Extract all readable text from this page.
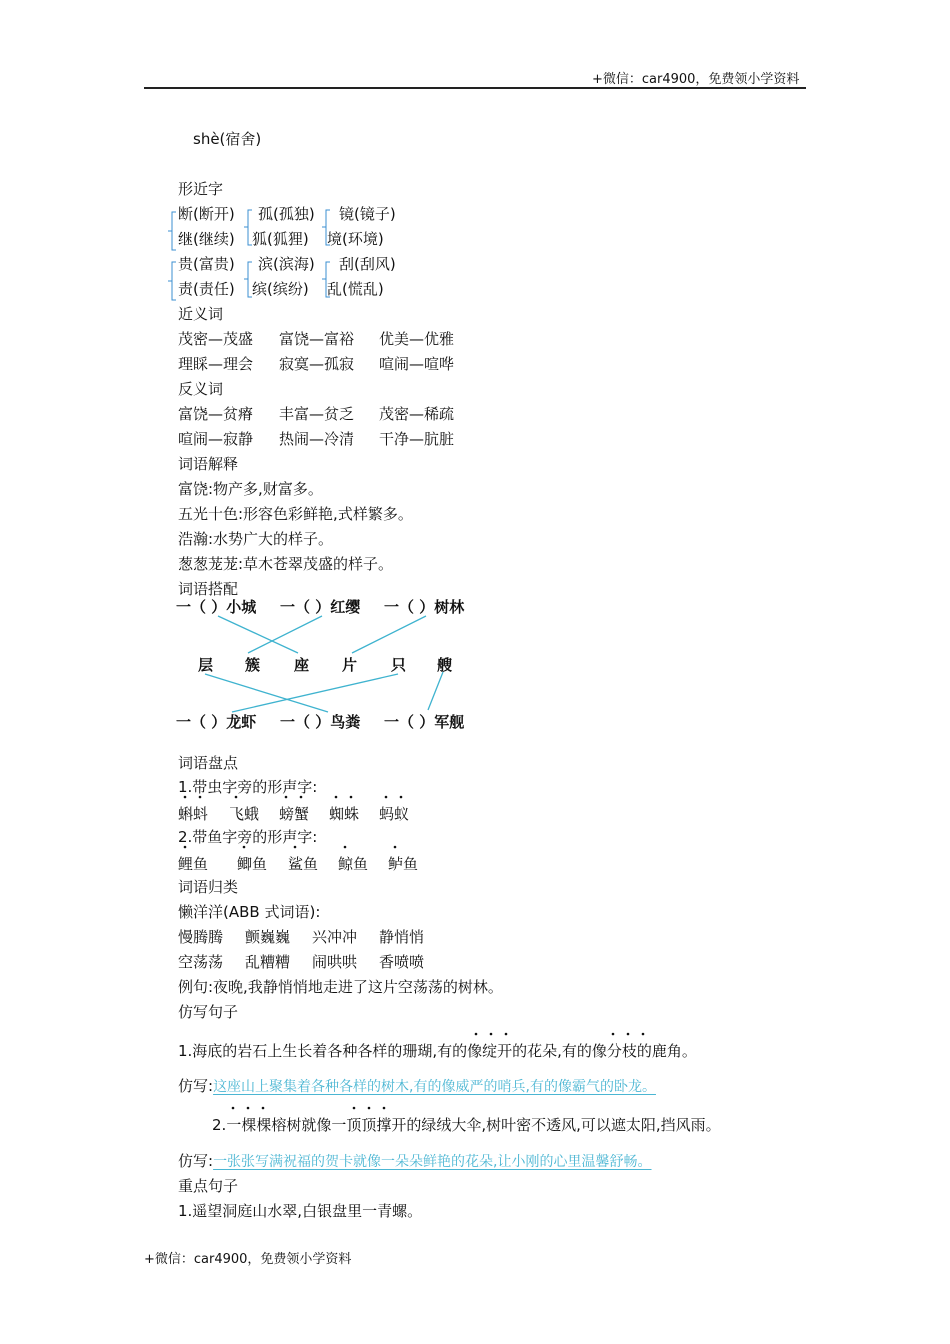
+微信：car4900，免费领小学资料
shè(宿舍)
形近字
断(断开) 孤(孤独) 镜(镜子)
继(继续) 狐(狐狸) 境(环境)
贵(富贵) 滨(滨海) 刮(刮风)
责(责任) 缤(缤纷) 乱(慌乱)
近义词
茂密—茂盛 富饶—富裕 优美—优雅
理睬—理会 寂寞—孤寂 喧闹—喧哗
反义词
富饶—贫瘠 丰富—贫乏 茂密—稀疏
喧闹—寂静 热闹—冷清 干净—肮脏
词语解释
富饶:物产多,财富多。
五光十色:形容色彩鲜艳,式样繁多。
浩瀚:水势广大的样子。
葱葱茏茏:草木苍翠茂盛的样子。
词语搭配
一（ ）小城 一（ ）红缨 一（ ）树林
层 簇 座 片 只 艘
一（ ）龙虾 一（ ）鸟粪 一（ ）军舰
词语盘点
1.带虫字旁的形声字:
蝌蚪 飞蛾 螃蟹 蜘蛛 蚂蚁
2.带鱼字旁的形声字:
鲤鱼 鲫鱼 鲨鱼 鲸鱼 鲈鱼
词语归类
懒洋洋(ABB 式词语):
慢腾腾 颤巍巍 兴冲冲 静悄悄
空荡荡 乱糟糟 闹哄哄 香喷喷
例句:夜晚,我静悄悄地走进了这片空荡荡的树林。
仿写句子
1.海底的岩石上生长着各种各样的珊瑚,有的像绽开的花朵,有的像分枝的鹿角。
仿写:这座山上聚集着各种各样的树木,有的像威严的哨兵,有的像霸气的卧龙。
2.一棵棵榕树就像一顶顶撑开的绿绒大伞,树叶密不透风,可以遮太阳,挡风雨。
仿写:一张张写满祝福的贺卡就像一朵朵鲜艳的花朵,让小刚的心里温馨舒畅。
重点句子
1.遥望洞庭山水翠,白银盘里一青螺。
+微信：car4900，免费领小学资料
